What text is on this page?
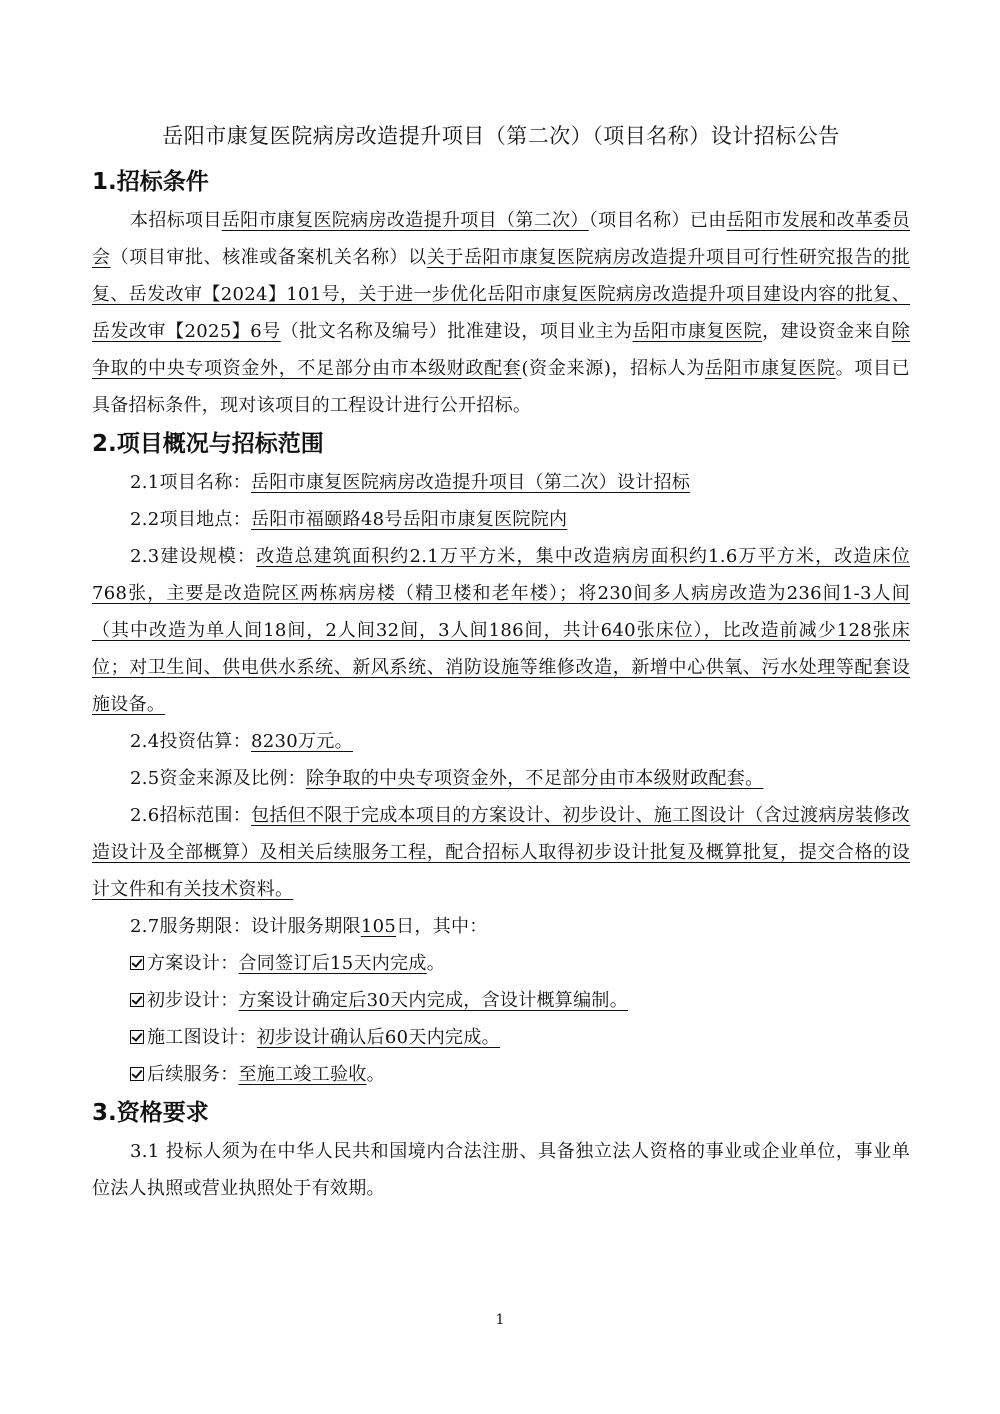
岳阳市康复医院病房改造提升项目（第二次）（项目名称）设计招标公告
1.招标条件

本招标项目岳阳市康复医院病房改造提升项目（第二次）（项目名称）已由岳阳市发展和改革委员会（项目审批、核准或备案机关名称）以关于岳阳市康复医院病房改造提升项目可行性研究报告的批复、岳发改审【2024】101号，关于进一步优化岳阳市康复医院病房改造提升项目建设内容的批复、岳发改审【2025】6号（批文名称及编号）批准建设，项目业主为岳阳市康复医院，建设资金来自除争取的中央专项资金外，不足部分由市本级财政配套(资金来源)，招标人为岳阳市康复医院。项目已具备招标条件，现对该项目的工程设计进行公开招标。

2.项目概况与招标范围

2.1项目名称：岳阳市康复医院病房改造提升项目（第二次）设计招标

2.2项目地点：岳阳市福颐路48号岳阳市康复医院院内

2.3建设规模：改造总建筑面积约2.1万平方米，集中改造病房面积约1.6万平方米，改造床位768张，主要是改造院区两栋病房楼（精卫楼和老年楼）；将230间多人病房改造为236间1-3人间（其中改造为单人间18间，2人间32间，3人间186间，共计640张床位），比改造前减少128张床位；对卫生间、供电供水系统、新风系统、消防设施等维修改造，新增中心供氧、污水处理等配套设施设备。

2.4投资估算：8230万元。

2.5资金来源及比例：除争取的中央专项资金外，不足部分由市本级财政配套。

2.6招标范围：包括但不限于完成本项目的方案设计、初步设计、施工图设计（含过渡病房装修改造设计及全部概算）及相关后续服务工程，配合招标人取得初步设计批复及概算批复，提交合格的设计文件和有关技术资料。

2.7服务期限：设计服务期限105日，其中：

方案设计：合同签订后15天内完成。

初步设计：方案设计确定后30天内完成，含设计概算编制。

施工图设计：初步设计确认后60天内完成。

后续服务：至施工竣工验收。

3.资格要求

3.1 投标人须为在中华人民共和国境内合法注册、具备独立法人资格的事业或企业单位，事业单位法人执照或营业执照处于有效期。

1
